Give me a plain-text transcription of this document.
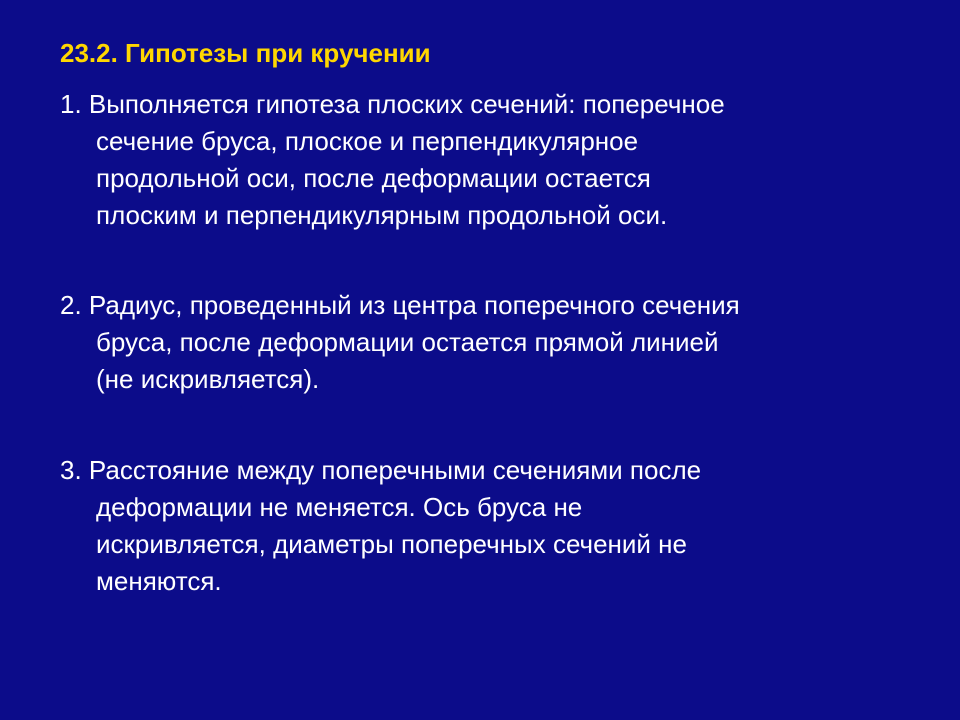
23.2. Гипотезы при кручении
1. Выполняется гипотеза плоских сечений: поперечное
сечение бруса, плоское и перпендикулярное
продольной оси, после деформации остается
плоским и перпендикулярным продольной оси.
2. Радиус, проведенный из центра поперечного сечения
бруса, после деформации остается прямой линией
(не искривляется).
3. Расстояние между поперечными сечениями после
деформации не меняется. Ось бруса не
искривляется, диаметры поперечных сечений не
меняются.
